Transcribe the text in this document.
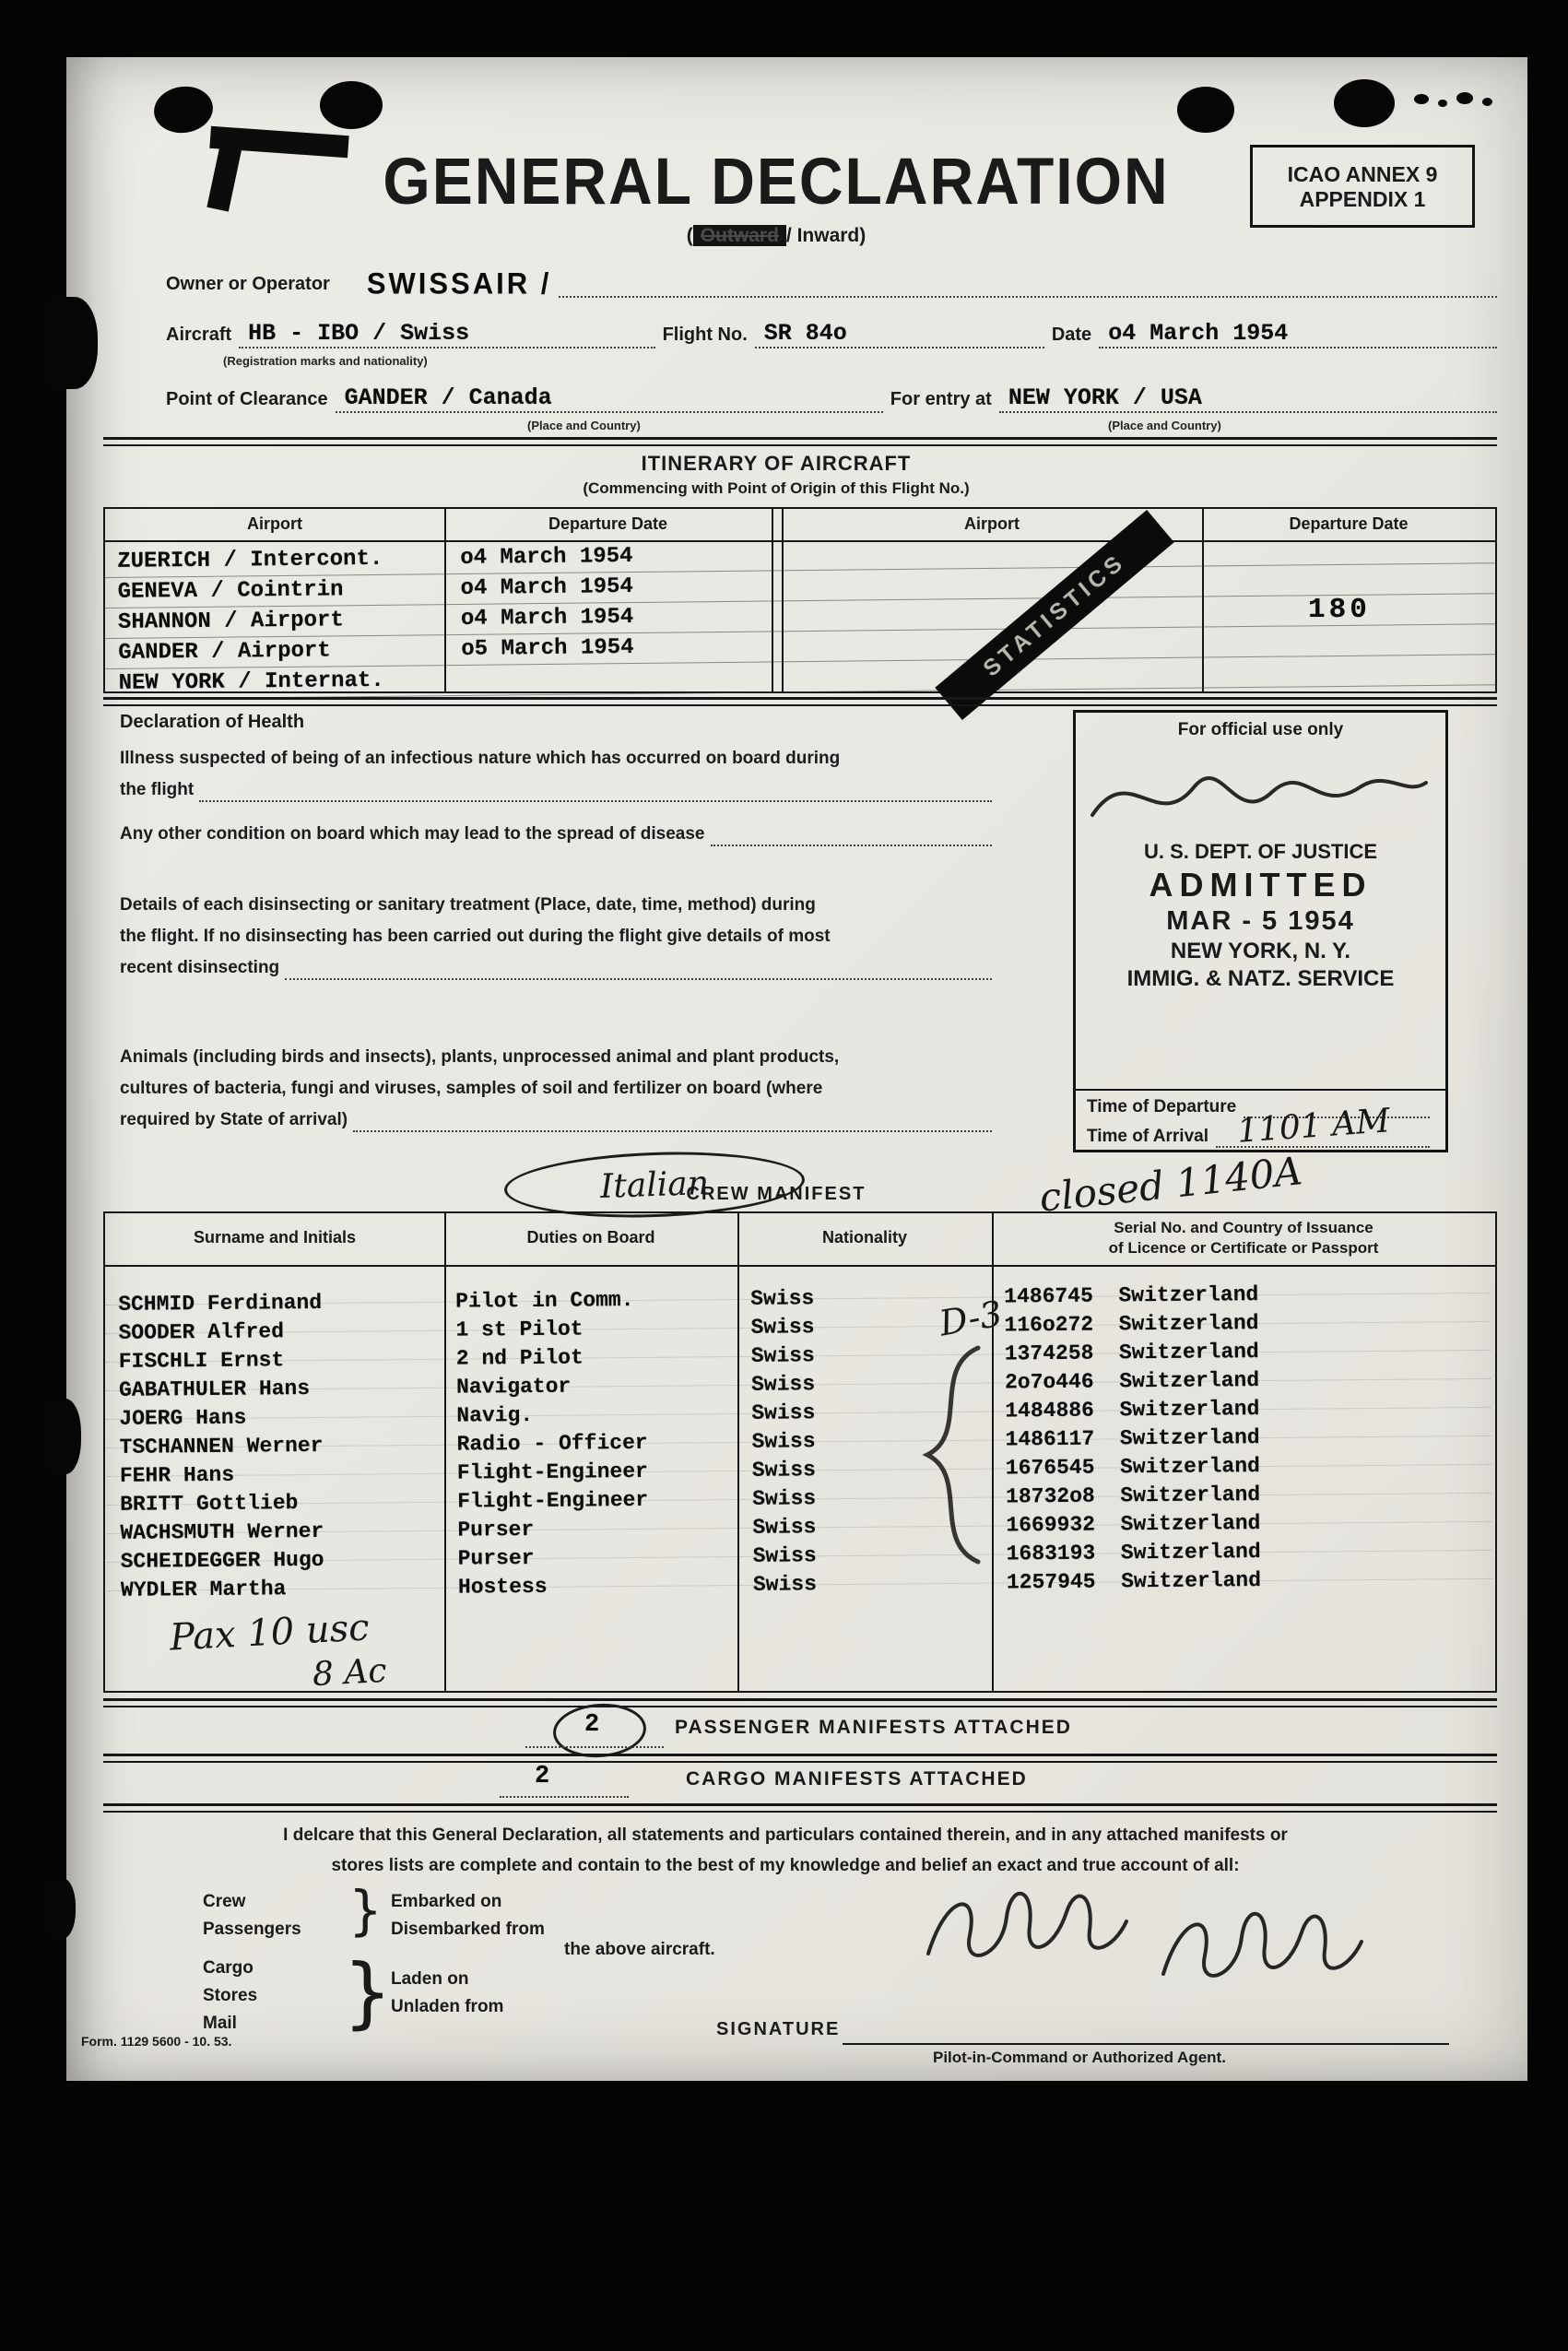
ICAO ANNEX 9
APPENDIX 1
GENERAL DECLARATION
( Outward / Inward)
Owner or Operator SWISSAIR /
Aircraft HB - IBO / Swiss	Flight No. SR 84o	Date o4 March 1954
(Registration marks and nationality)
Point of Clearance GANDER / Canada	For entry at NEW YORK / USA
(Place and Country)	(Place and Country)
ITINERARY OF AIRCRAFT
(Commencing with Point of Origin of this Flight No.)
Airport	Departure Date	Airport	Departure Date
ZUERICH / Intercont.	o4 March 1954
GENEVA / Cointrin	o4 March 1954
SHANNON / Airport	o4 March 1954
GANDER / Airport	o5 March 1954
NEW YORK / Internat.
STATISTICS	180
Declaration of Health
Illness suspected of being of an infectious nature which has occurred on board during
the flight
Any other condition on board which may lead to the spread of disease
Details of each disinsecting or sanitary treatment (Place, date, time, method) during
the flight. If no disinsecting has been carried out during the flight give details of most
recent disinsecting
Animals (including birds and insects), plants, unprocessed animal and plant products,
cultures of bacteria, fungi and viruses, samples of soil and fertilizer on board (where
required by State of arrival)
For official use only
U. S. DEPT. OF JUSTICE
ADMITTED
MAR - 5 1954
NEW YORK, N. Y.
IMMIG. & NATZ. SERVICE
Time of Departure
Time of Arrival 1101 AM
Italian
CREW MANIFEST	closed 1140A
Surname and Initials	Duties on Board	Nationality
Serial No. and Country of Issuance
of Licence or Certificate or Passport

SCHMID Ferdinand	Pilot in Comm.	Swiss	1486745  Switzerland

SOODER Alfred	1 st Pilot	Swiss	116o272  Switzerland

FISCHLI Ernst	2 nd Pilot	Swiss	1374258  Switzerland

GABATHULER Hans	Navigator	Swiss	2o7o446  Switzerland

JOERG Hans	Navig.	Swiss	1484886  Switzerland

TSCHANNEN Werner	Radio - Officer	Swiss	1486117  Switzerland

FEHR Hans	Flight-Engineer	Swiss	1676545  Switzerland

BRITT Gottlieb	Flight-Engineer	Swiss	18732o8  Switzerland

WACHSMUTH Werner	Purser	Swiss	1669932  Switzerland

SCHEIDEGGER Hugo	Purser	Swiss	1683193  Switzerland

WYDLER Martha	Hostess	Swiss	1257945  Switzerland

D-3
Pax 10 usc
8 Ac
2	PASSENGER MANIFESTS ATTACHED
2	CARGO MANIFESTS ATTACHED
I delcare that this General Declaration, all statements and particulars contained therein, and in any attached manifests or
stores lists are complete and contain to the best of my knowledge and belief an exact and true account of all:
Crew
Passengers } Embarked on
Disembarked from
Cargo
Stores
Mail }
Laden on
Unladen from
the above aircraft.
SIGNATURE
Pilot-in-Command or Authorized Agent.
Form. 1129 5600 - 10. 53.
